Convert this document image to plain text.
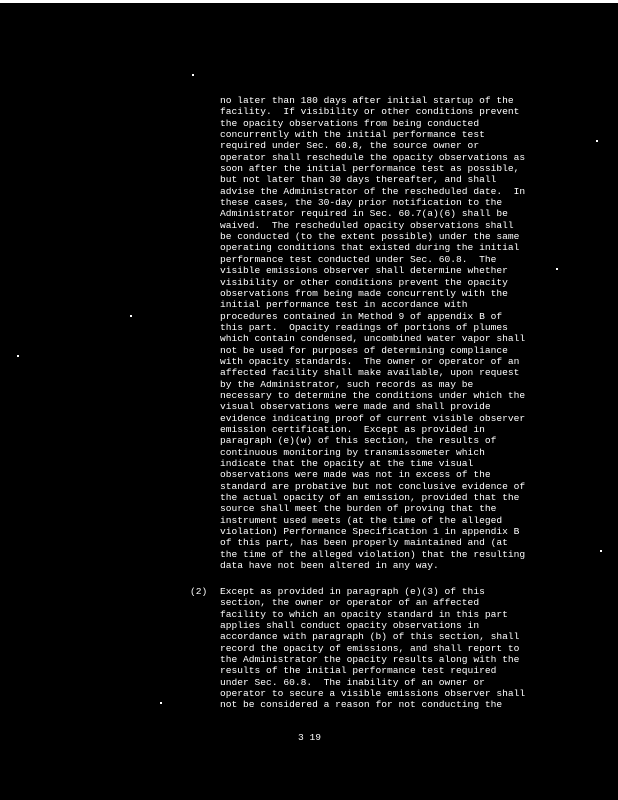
no later than 180 days after initial startup of the
facility.  If visibility or other conditions prevent
the opacity observations from being conducted
concurrently with the initial performance test
required under Sec. 60.8, the source owner or
operator shall reschedule the opacity observations as
soon after the initial performance test as possible,
but not later than 30 days thereafter, and shall
advise the Administrator of the rescheduled date.  In
these cases, the 30-day prior notification to the
Administrator required in Sec. 60.7(a)(6) shall be
waived.  The rescheduled opacity observations shall
be conducted (to the extent possible) under the same
operating conditions that existed during the initial
performance test conducted under Sec. 60.8.  The
visible emissions observer shall determine whether
visibility or other conditions prevent the opacity
observations from being made concurrently with the
initial performance test in accordance with
procedures contained in Method 9 of appendix B of
this part.  Opacity readings of portions of plumes
which contain condensed, uncombined water vapor shall
not be used for purposes of determining compliance
with opacity standards.  The owner or operator of an
affected facility shall make available, upon request
by the Administrator, such records as may be
necessary to determine the conditions under which the
visual observations were made and shall provide
evidence indicating proof of current visible observer
emission certification.  Except as provided in
paragraph (e)(w) of this section, the results of
continuous monitoring by transmissometer which
indicate that the opacity at the time visual
observations were made was not in excess of the
standard are probative but not conclusive evidence of
the actual opacity of an emission, provided that the
source shall meet the burden of proving that the
instrument used meets (at the time of the alleged
violation) Performance Specification 1 in appendix B
of this part, has been properly maintained and (at
the time of the alleged violation) that the resulting
data have not been altered in any way.
(2) Except as provided in paragraph (e)(3) of this
section, the owner or operator of an affected
facility to which an opacity standard in this part
applies shall conduct opacity observations in
accordance with paragraph (b) of this section, shall
record the opacity of emissions, and shall report to
the Administrator the opacity results along with the
results of the initial performance test required
under Sec. 60.8.  The inability of an owner or
operator to secure a visible emissions observer shall
not be considered a reason for not conducting the
3 19
